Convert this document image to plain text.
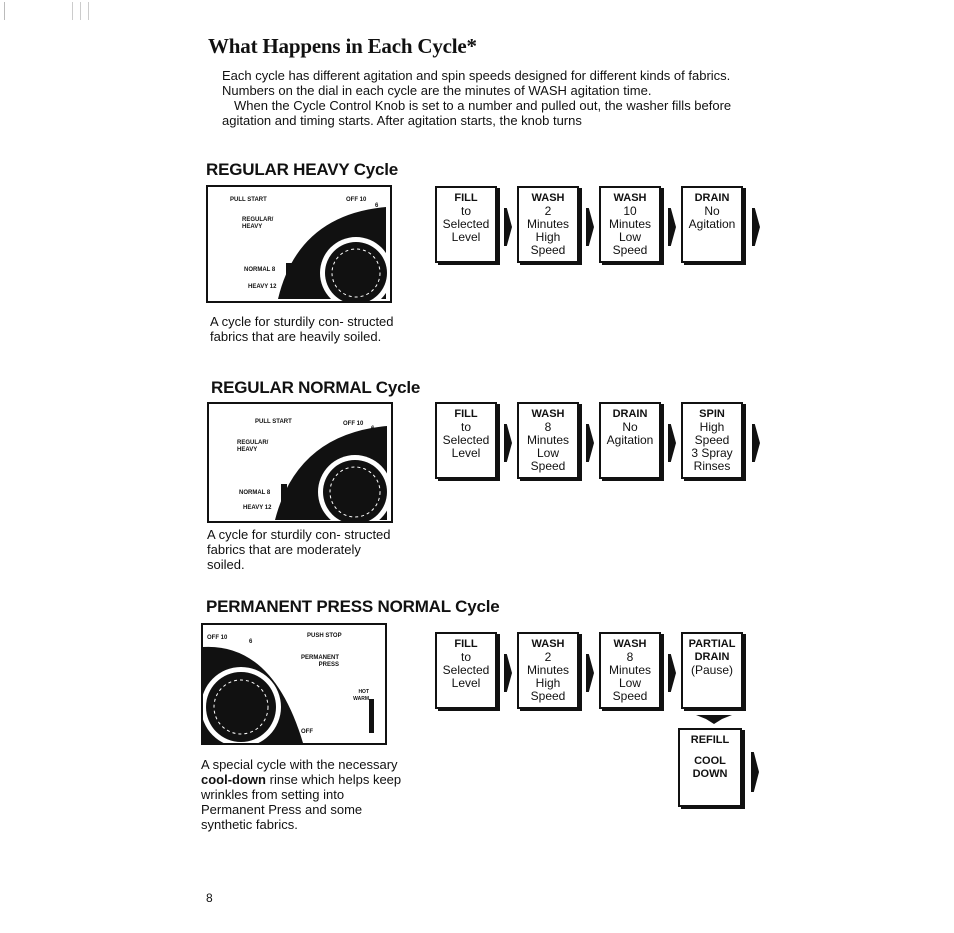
What Happens in Each Cycle*

Each cycle has different agitation and spin speeds designed for different kinds of fabrics. Numbers on the dial in each cycle are the minutes of WASH agitation time.

When the Cycle Control Knob is set to a number and pulled out, the washer fills before agitation and timing starts. After agitation starts, the knob turns

REGULAR HEAVY Cycle
PULL START	OFF 10
6
REGULAR/ HEAVY
NORMAL 8
HEAVY 12
A cycle for sturdily con- structed fabrics that are heavily soiled.
FILL
to
Selected
Level
WASH
2
Minutes
High
Speed
WASH
10
Minutes
Low
Speed
DRAIN
No
Agitation
REGULAR NORMAL Cycle
PULL START	OFF 10
6
REGULAR/ HEAVY
NORMAL 8
HEAVY 12
A cycle for sturdily con- structed fabrics that are moderately soiled.
FILL
to
Selected
Level
WASH
8
Minutes
Low
Speed
DRAIN
No
Agitation
SPIN
High
Speed
3 Spray
Rinses
PERMANENT PRESS NORMAL Cycle
OFF 10
6
PUSH STOP
PERMANENT PRESS
HOT WARM
OFF
A special cycle with the necessary cool-down rinse which helps keep wrinkles from setting into Permanent Press and some synthetic fabrics.
FILL
to
Selected
Level
WASH
2
Minutes
High
Speed
WASH
8
Minutes
Low
Speed
PARTIAL
DRAIN
(Pause)
REFILL
COOL
DOWN
8
